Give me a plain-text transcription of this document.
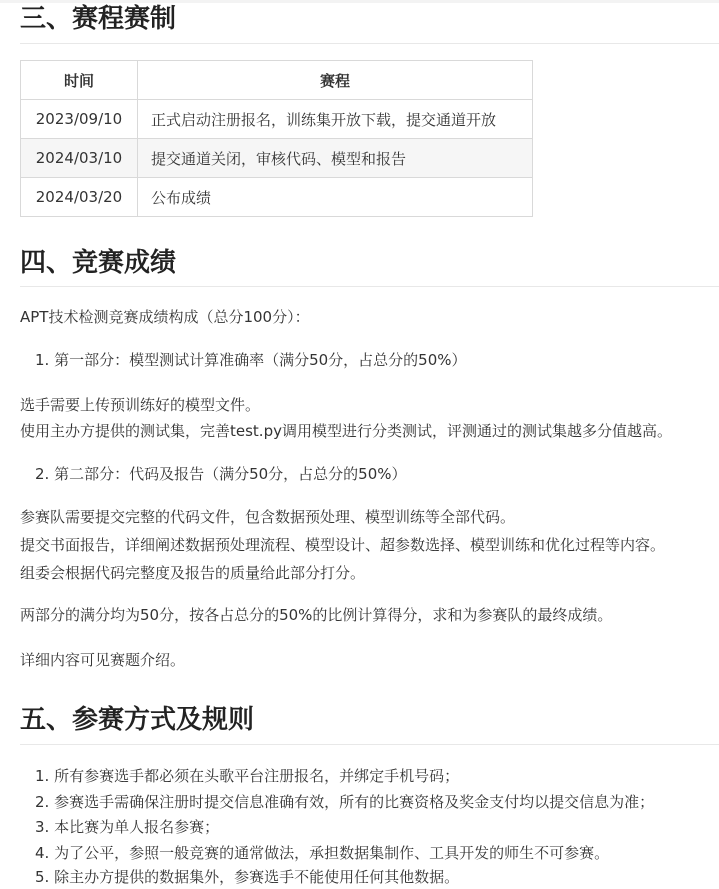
三、赛程赛制
时间	赛程
2023/09/10	正式启动注册报名，训练集开放下载，提交通道开放
2024/03/10	提交通道关闭，审核代码、模型和报告
2024/03/20	公布成绩
四、竞赛成绩

APT技术检测竞赛成绩构成（总分100分）：

1. 第一部分：模型测试计算准确率（满分50分，占总分的50%）

选手需要上传预训练好的模型文件。

使用主办方提供的测试集，完善test.py调用模型进行分类测试，评测通过的测试集越多分值越高。

2. 第二部分：代码及报告（满分50分，占总分的50%）

参赛队需要提交完整的代码文件，包含数据预处理、模型训练等全部代码。

提交书面报告，详细阐述数据预处理流程、模型设计、超参数选择、模型训练和优化过程等内容。

组委会根据代码完整度及报告的质量给此部分打分。

两部分的满分均为50分，按各占总分的50%的比例计算得分，求和为参赛队的最终成绩。

详细内容可见赛题介绍。

五、参赛方式及规则

1. 所有参赛选手都必须在头歌平台注册报名，并绑定手机号码；

2. 参赛选手需确保注册时提交信息准确有效，所有的比赛资格及奖金支付均以提交信息为准；

3. 本比赛为单人报名参赛；

4. 为了公平，参照一般竞赛的通常做法，承担数据集制作、工具开发的师生不可参赛。

5. 除主办方提供的数据集外，参赛选手不能使用任何其他数据。
